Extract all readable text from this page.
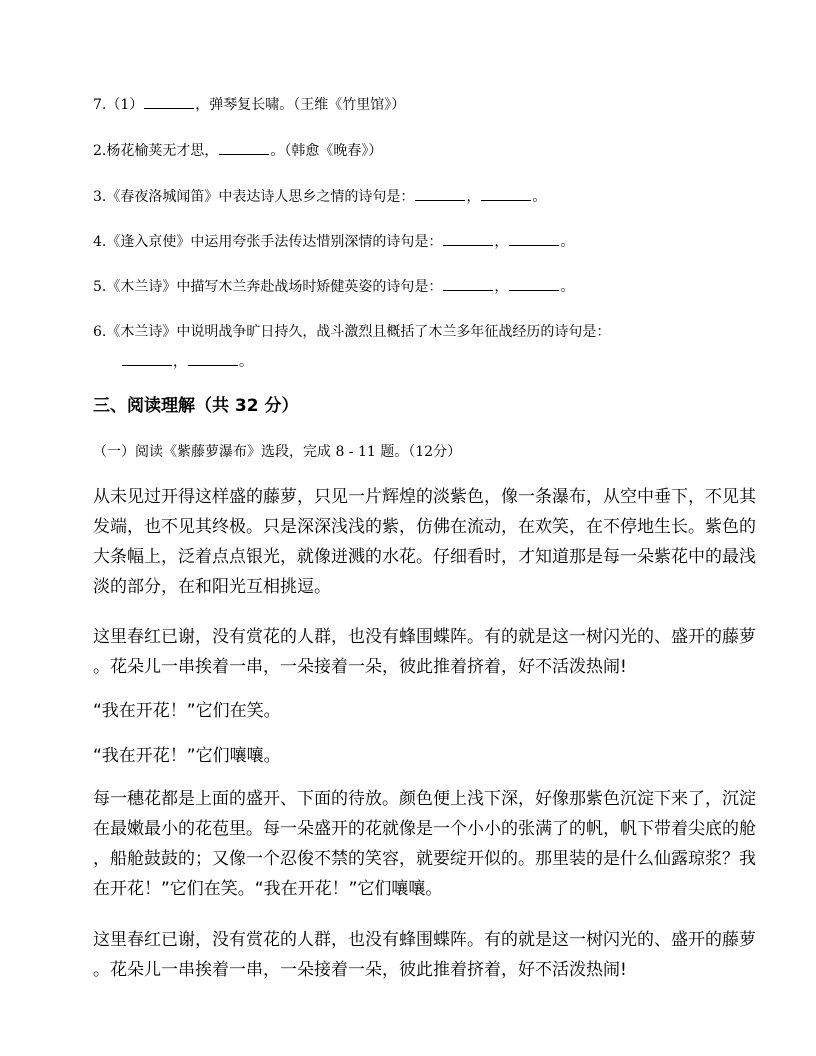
7.（1）	，弹琴复长啸。（王维《竹里馆》）
2.杨花榆荚无才思，	。（韩愈《晚春》）
3.《春夜洛城闻笛》中表达诗人思乡之情的诗句是：	，	。
4.《逢入京使》中运用夸张手法传达惜别深情的诗句是：	，	。
5.《木兰诗》中描写木兰奔赴战场时矫健英姿的诗句是：	，	。
6.《木兰诗》中说明战争旷日持久，战斗激烈且概括了木兰多年征战经历的诗句是：
，	。
三、阅读理解（共 32 分）
（一）阅读《紫藤萝瀑布》选段，完成 8 - 11 题。（12分）
从未见过开得这样盛的藤萝，只见一片辉煌的淡紫色，像一条瀑布，从空中垂下，不见其
发端，也不见其终极。只是深深浅浅的紫，仿佛在流动，在欢笑，在不停地生长。紫色的
大条幅上，泛着点点银光，就像迸溅的水花。仔细看时，才知道那是每一朵紫花中的最浅
淡的部分，在和阳光互相挑逗。
这里春红已谢，没有赏花的人群，也没有蜂围蝶阵。有的就是这一树闪光的、盛开的藤萝
。花朵儿一串挨着一串，一朵接着一朵，彼此推着挤着，好不活泼热闹!
“我在开花！”它们在笑。
“我在开花！”它们嚷嚷。
每一穗花都是上面的盛开、下面的待放。颜色便上浅下深，好像那紫色沉淀下来了，沉淀
在最嫩最小的花苞里。每一朵盛开的花就像是一个小小的张满了的帆，帆下带着尖底的舱
，船舱鼓鼓的；又像一个忍俊不禁的笑容，就要绽开似的。那里装的是什么仙露琼浆？我
在开花！”它们在笑。“我在开花！”它们嚷嚷。
这里春红已谢，没有赏花的人群，也没有蜂围蝶阵。有的就是这一树闪光的、盛开的藤萝
。花朵儿一串挨着一串，一朵接着一朵，彼此推着挤着，好不活泼热闹!
